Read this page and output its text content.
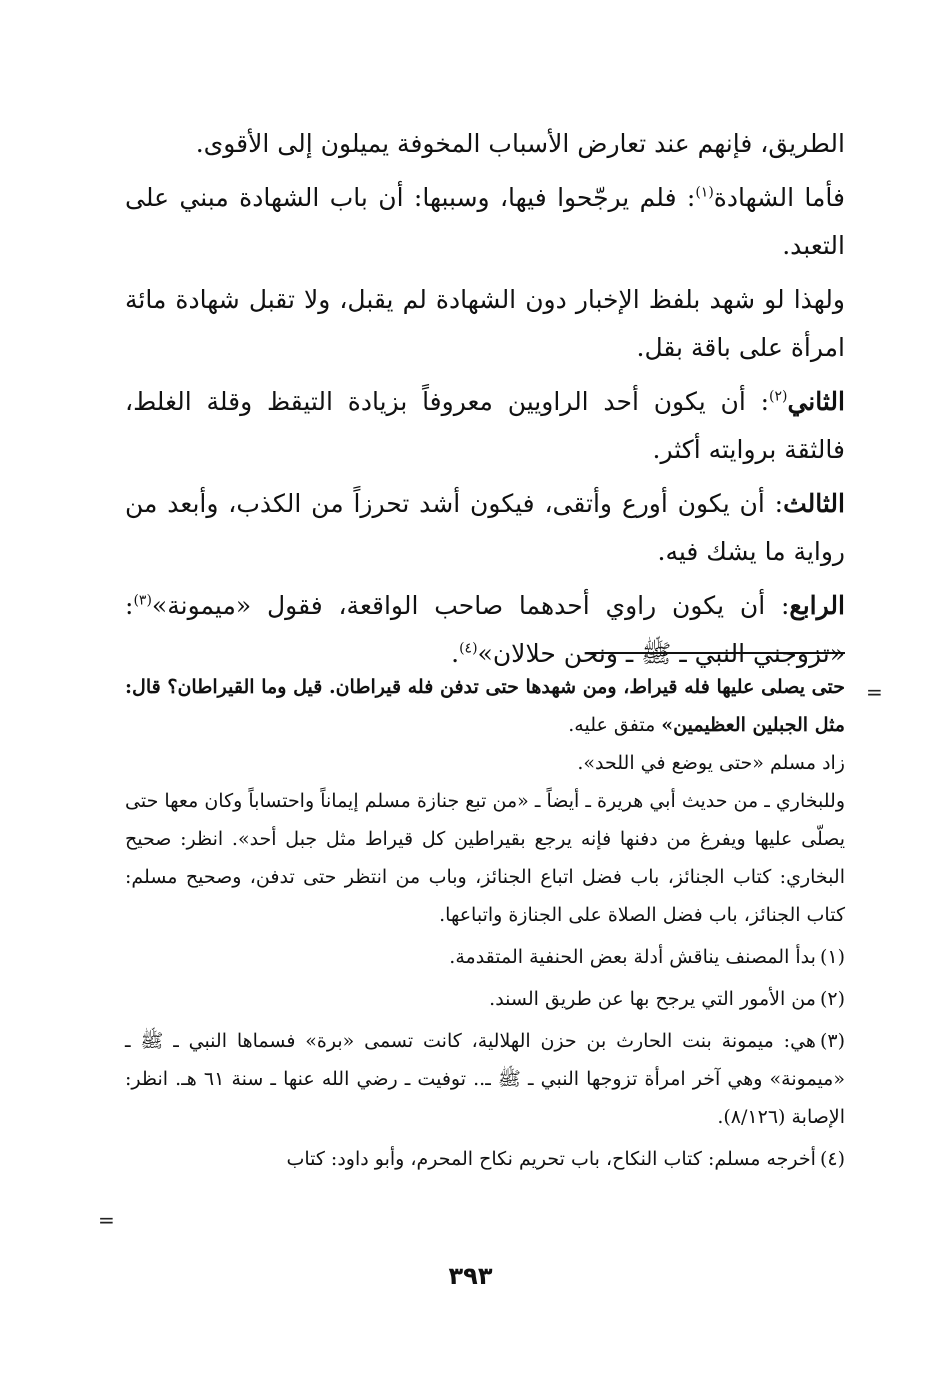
الطريق، فإنهم عند تعارض الأسباب المخوفة يميلون إلى الأقوى.

فأما الشهادة$^{(١)}$: فلم يرجّحوا فيها، وسببها: أن باب الشهادة مبني على التعبد.

ولهذا لو شهد بلفظ الإخبار دون الشهادة لم يقبل، ولا تقبل شهادة مائة امرأة على باقة بقل.

الثاني$^{(٢)}$: أن يكون أحد الراويين معروفاً بزيادة التيقظ وقلة الغلط، فالثقة بروايته أكثر.

الثالث: أن يكون أورع وأتقى، فيكون أشد تحرزاً من الكذب، وأبعد من رواية ما يشك فيه.

الرابع: أن يكون راوي أحدهما صاحب الواقعة، فقول «ميمونة»$^{(٣)}$: «تزوجني النبي ـ ﷺ ـ ونحن حلالان»$^{(٤)}$.

=

حتى يصلى عليها فله قيراط، ومن شهدها حتى تدفن فله قيراطان. قيل وما القيراطان؟ قال: مثل الجبلين العظيمين» متفق عليه.

زاد مسلم «حتى يوضع في اللحد».

وللبخاري ـ من حديث أبي هريرة ـ أيضاً ـ «من تبع جنازة مسلم إيماناً واحتساباً وكان معها حتى يصلّى عليها ويفرغ من دفنها فإنه يرجع بقيراطين كل قيراط مثل جبل أحد». انظر: صحيح البخاري: كتاب الجنائز، باب فضل اتباع الجنائز، وباب من انتظر حتى تدفن، وصحيح مسلم: كتاب الجنائز، باب فضل الصلاة على الجنازة واتباعها.

(١)بدأ المصنف يناقش أدلة بعض الحنفية المتقدمة.

(٢)من الأمور التي يرجح بها عن طريق السند.

(٣)هي: ميمونة بنت الحارث بن حزن الهلالية، كانت تسمى «برة» فسماها النبي ـ ﷺ ـ «ميمونة» وهي آخر امرأة تزوجها النبي ـ ﷺ ـ.. توفيت ـ رضي الله عنها ـ سنة ٦١ هـ. انظر: الإصابة (٨/١٢٦).

(٤)أخرجه مسلم: كتاب النكاح، باب تحريم نكاح المحرم، وأبو داود: كتاب

=
٣٩٣
